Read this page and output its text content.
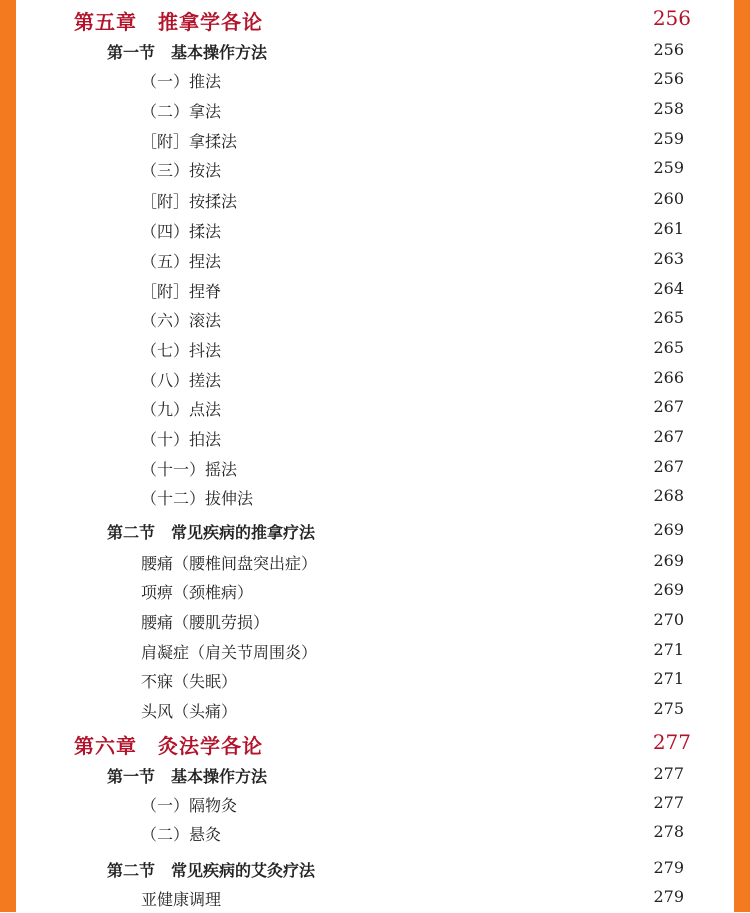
第五章　推拿学各论	256
第一节　基本操作方法	256
（一）推法	256
（二）拿法	258
［附］拿揉法	259
（三）按法	259
［附］按揉法	260
（四）揉法	261
（五）捏法	263
［附］捏脊	264
（六）滚法	265
（七）抖法	265
（八）搓法	266
（九）点法	267
（十）拍法	267
（十一）摇法	267
（十二）拔伸法	268
第二节　常见疾病的推拿疗法	269
腰痛（腰椎间盘突出症）	269
项痹（颈椎病）	269
腰痛（腰肌劳损）	270
肩凝症（肩关节周围炎）	271
不寐（失眠）	271
头风（头痛）	275
第六章　灸法学各论	277
第一节　基本操作方法	277
（一）隔物灸	277
（二）悬灸	278
第二节　常见疾病的艾灸疗法	279
亚健康调理	279
